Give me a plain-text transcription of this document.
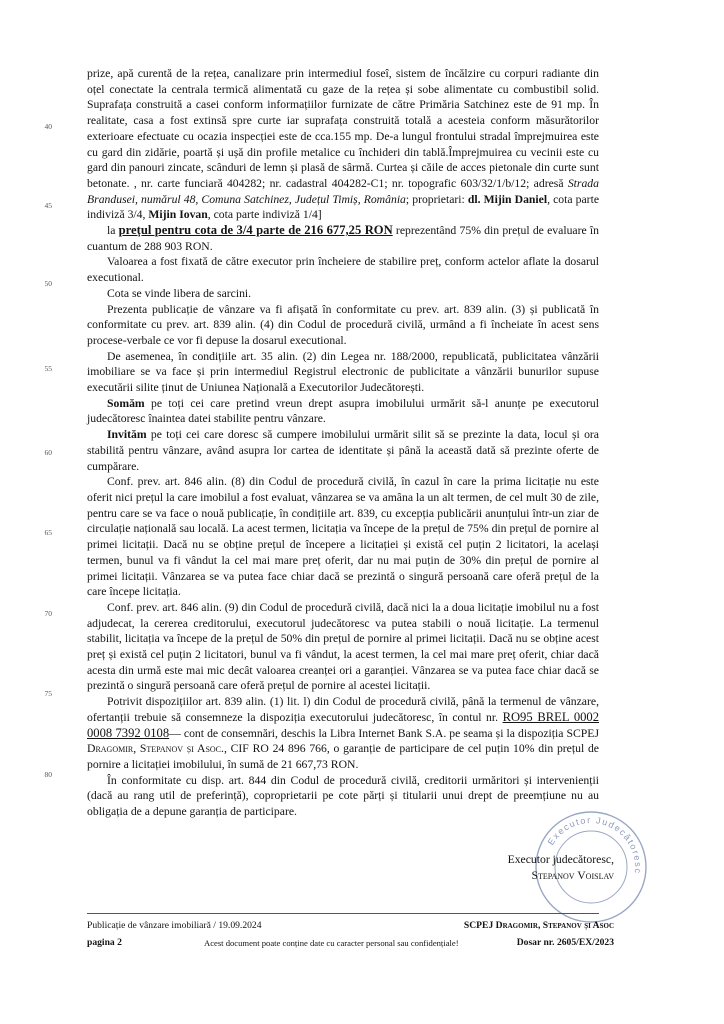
40
45
50
55
60
65
70
75
80

prize, apă curentă de la rețea, canalizare prin intermediul foseî, sistem de încălzire cu corpuri radiante din oțel conectate la centrala termică alimentată cu gaze de la rețea și sobe alimentate cu combustibil solid. Suprafața construită a casei conform informațiilor furnizate de către Primăria Satchinez este de 91 mp. În realitate, casa a fost extinsă spre curte iar suprafața construită totală a acesteia conform măsurătorilor exterioare efectuate cu ocazia inspecției este de cca.155 mp. De-a lungul frontului stradal împrejmuirea este cu gard din zidărie, poartă și ușă din profile metalice cu închideri din tablă.Împrejmuirea cu vecinii este cu gard din panouri zincate, scânduri de lemn și plasă de sârmă. Curtea și căile de acces pietonale din curte sunt betonate. , nr. carte funciară 404282; nr. cadastral 404282-C1; nr. topografic 603/32/1/b/12; adresă Strada Brandusei, numărul 48, Comuna Satchinez, Județul Timiș, România; proprietari: dl. Mijin Daniel, cota parte indiviză 3/4, Mijin Iovan, cota parte indiviză 1/4]

la prețul pentru cota de 3/4 parte de 216 677,25 RON reprezentând 75% din prețul de evaluare în cuantum de 288 903 RON.

Valoarea a fost fixată de către executor prin încheiere de stabilire preț, conform actelor aflate la dosarul executional.

Cota se vinde libera de sarcini.

Prezenta publicație de vânzare va fi afișată în conformitate cu prev. art. 839 alin. (3) și publicată în conformitate cu prev. art. 839 alin. (4) din Codul de procedură civilă, urmând a fi încheiate în acest sens procese-verbale ce vor fi depuse la dosarul executional.

De asemenea, în condițiile art. 35 alin. (2) din Legea nr. 188/2000, republicată, publicitatea vânzării imobiliare se va face și prin intermediul Registrul electronic de publicitate a vânzării bunurilor supuse executării silite ținut de Uniunea Națională a Executorilor Judecătorești.

Somăm pe toți cei care pretind vreun drept asupra imobilului urmărit să-l anunțe pe executorul judecătoresc înaintea datei stabilite pentru vânzare.

Invităm pe toți cei care doresc să cumpere imobilului urmărit silit să se prezinte la data, locul și ora stabilită pentru vânzare, având asupra lor cartea de identitate și până la această dată să prezinte oferte de cumpărare.

Conf. prev. art. 846 alin. (8) din Codul de procedură civilă, în cazul în care la prima licitație nu este oferit nici prețul la care imobilul a fost evaluat, vânzarea se va amâna la un alt termen, de cel mult 30 de zile, pentru care se va face o nouă publicație, în condițiile art. 839, cu excepția publicării anunțului într-un ziar de circulație națională sau locală. La acest termen, licitația va începe de la prețul de 75% din prețul de pornire al primei licitații. Dacă nu se obține prețul de începere a licitației și există cel puțin 2 licitatori, la același termen, bunul va fi vândut la cel mai mare preț oferit, dar nu mai puțin de 30% din prețul de pornire al primei licitații. Vânzarea se va putea face chiar dacă se prezintă o singură persoană care oferă prețul de la care începe licitația.

Conf. prev. art. 846 alin. (9) din Codul de procedură civilă, dacă nici la a doua licitație imobilul nu a fost adjudecat, la cererea creditorului, executorul judecătoresc va putea stabili o nouă licitație. La termenul stabilit, licitația va începe de la prețul de 50% din prețul de pornire al primei licitații. Dacă nu se obține acest preț și există cel puțin 2 licitatori, bunul va fi vândut, la acest termen, la cel mai mare preț oferit, chiar dacă acesta din urmă este mai mic decât valoarea creanței ori a garanției. Vânzarea se va putea face chiar dacă se prezintă o singură persoană care oferă prețul de pornire al acestei licitații.

Potrivit dispozițiilor art. 839 alin. (1) lit. l) din Codul de procedură civilă, până la termenul de vânzare, ofertanții trebuie să consemneze la dispoziția executorului judecătoresc, în contul nr. RO95 BREL 0002 0008 7392 0108— cont de consemnări, deschis la Libra Internet Bank S.A. pe seama și la dispoziția SCPEJ Dragomir, Stepanov și Asoc., CIF RO 24 896 766, o garanție de participare de cel puțin 10% din prețul de pornire a licitației imobilului, în sumă de 21 667,73 RON.

În conformitate cu disp. art. 844 din Codul de procedură civilă, creditorii urmăritori și intervenienții (dacă au rang util de preferință), coproprietarii pe cote părți și titularii unui drept de preemțiune nu au obligația de a depune garanția de participare.

Executor Judecătoresc
Executor judecătoresc,
Stepanov Voislav
Publicație de vânzare imobiliară / 19.09.2024
pagina 2
SCPEJ Dragomir, Stepanov și Asoc
Acest document poate conține date cu caracter personal sau confidențiale!	Dosar nr. 2605/EX/2023
